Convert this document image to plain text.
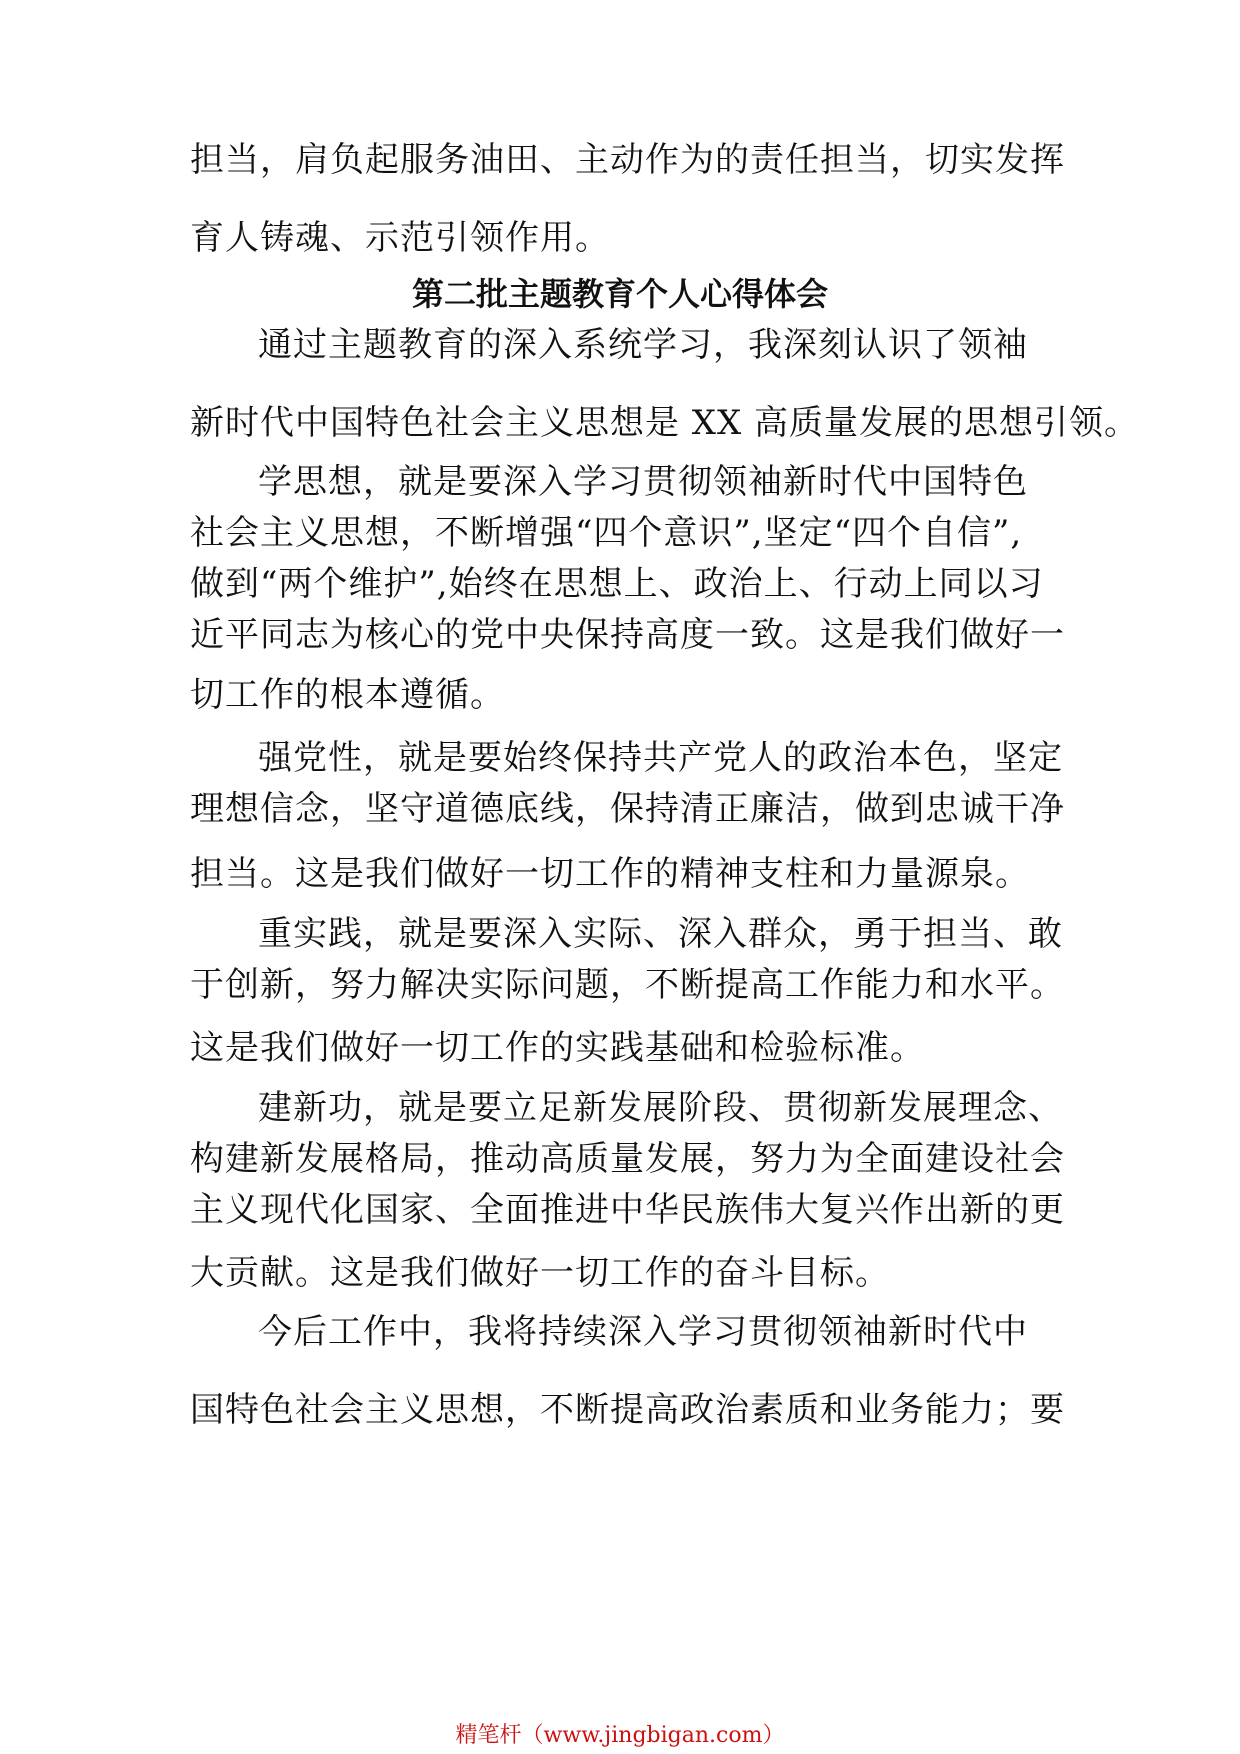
担当，肩负起服务油田、主动作为的责任担当，切实发挥
育人铸魂、示范引领作用。
第二批主题教育个人心得体会
通过主题教育的深入系统学习，我深刻认识了领袖
新时代中国特色社会主义思想是 XX 高质量发展的思想引领。
学思想，就是要深入学习贯彻领袖新时代中国特色
社会主义思想，不断增强“四个意识”,坚定“四个自信”,
做到“两个维护”,始终在思想上、政治上、行动上同以习
近平同志为核心的党中央保持高度一致。这是我们做好一
切工作的根本遵循。
强党性，就是要始终保持共产党人的政治本色，坚定
理想信念，坚守道德底线，保持清正廉洁，做到忠诚干净
担当。这是我们做好一切工作的精神支柱和力量源泉。
重实践，就是要深入实际、深入群众，勇于担当、敢
于创新，努力解决实际问题，不断提高工作能力和水平。
这是我们做好一切工作的实践基础和检验标准。
建新功，就是要立足新发展阶段、贯彻新发展理念、
构建新发展格局，推动高质量发展，努力为全面建设社会
主义现代化国家、全面推进中华民族伟大复兴作出新的更
大贡献。这是我们做好一切工作的奋斗目标。
今后工作中，我将持续深入学习贯彻领袖新时代中
国特色社会主义思想，不断提高政治素质和业务能力；要
精笔杆（www.jingbigan.com）
